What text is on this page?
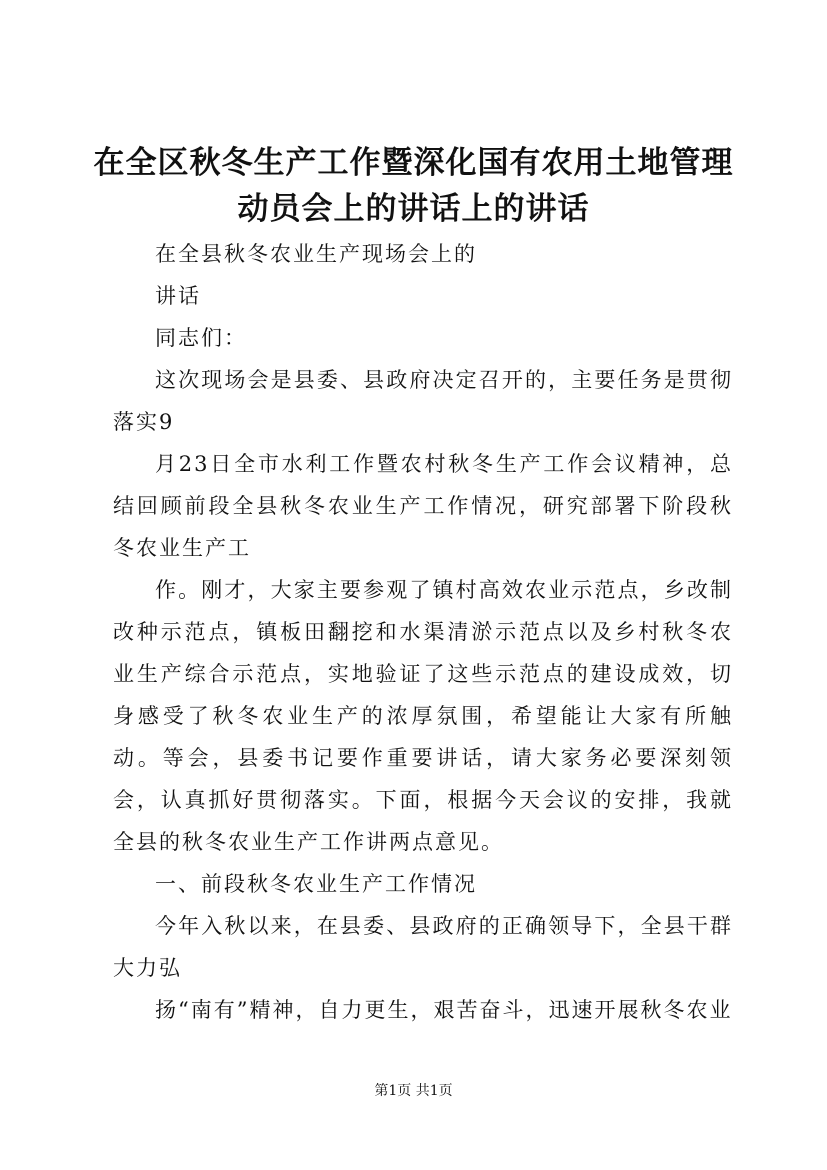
在全区秋冬生产工作暨深化国有农用土地管理
动员会上的讲话上的讲话

在全县秋冬农业生产现场会上的

讲话

同志们：

这次现场会是县委、县政府决定召开的，主要任务是贯彻落实9

月23日全市水利工作暨农村秋冬生产工作会议精神，总结回顾前段全县秋冬农业生产工作情况，研究部署下阶段秋冬农业生产工

作。刚才，大家主要参观了镇村高效农业示范点，乡改制改种示范点，镇板田翻挖和水渠清淤示范点以及乡村秋冬农业生产综合示范点，实地验证了这些示范点的建设成效，切身感受了秋冬农业生产的浓厚氛围，希望能让大家有所触动。等会，县委书记要作重要讲话，请大家务必要深刻领会，认真抓好贯彻落实。下面，根据今天会议的安排，我就全县的秋冬农业生产工作讲两点意见。

一、前段秋冬农业生产工作情况

今年入秋以来，在县委、县政府的正确领导下，全县干群大力弘

扬“南有”精神，自力更生，艰苦奋斗，迅速开展秋冬农业

第1页 共1页
